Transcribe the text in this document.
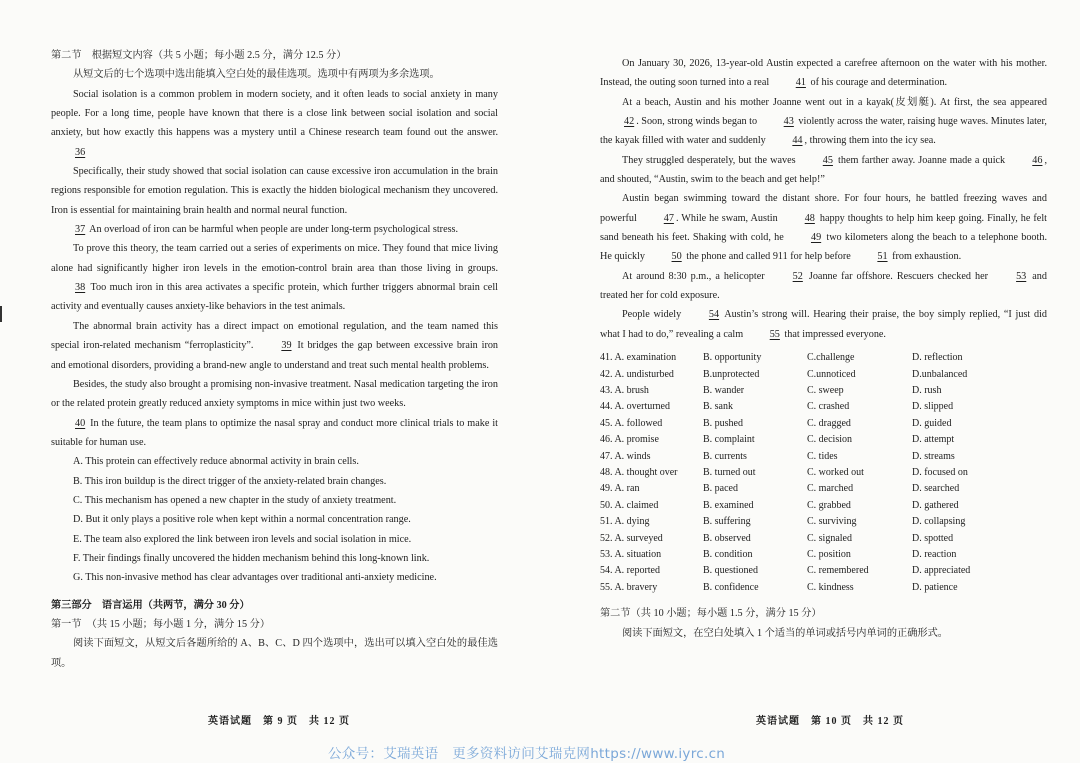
第二节　根据短文内容（共 5 小题；每小题 2.5 分，满分 12.5 分）

从短文后的七个选项中选出能填入空白处的最佳选项。选项中有两项为多余选项。

Social isolation is a common problem in modern society, and it often leads to social anxiety in many people. For a long time, people have known that there is a close link between social isolation and social anxiety, but how exactly this happens was a mystery until a Chinese research team found out the answer. 36

Specifically, their study showed that social isolation can cause excessive iron accumulation in the brain regions responsible for emotion regulation. This is exactly the hidden biological mechanism they uncovered. Iron is essential for maintaining brain health and normal neural function.
37 An overload of iron can be harmful when people are under long-term psychological stress.

To prove this theory, the team carried out a series of experiments on mice. They found that mice living alone had significantly higher iron levels in the emotion-control brain area than those living in groups. 38 Too much iron in this area activates a specific protein, which further triggers abnormal brain cell activity and eventually causes anxiety-like behaviors in the test animals.

The abnormal brain activity has a direct impact on emotional regulation, and the team named this special iron-related mechanism “ferroplasticity”.	39 It bridges the gap between excessive brain iron and emotional disorders, providing a brand-new angle to understand and treat such mental health problems.

Besides, the study also brought a promising non-invasive treatment. Nasal medication targeting the iron or the related protein greatly reduced anxiety symptoms in mice within just two weeks.
40 In the future, the team plans to optimize the nasal spray and conduct more clinical trials to make it suitable for human use.

A. This protein can effectively reduce abnormal activity in brain cells.

B. This iron buildup is the direct trigger of the anxiety-related brain changes.

C. This mechanism has opened a new chapter in the study of anxiety treatment.

D. But it only plays a positive role when kept within a normal concentration range.

E. The team also explored the link between iron levels and social isolation in mice.

F. Their findings finally uncovered the hidden mechanism behind this long-known link.

G. This non-invasive method has clear advantages over traditional anti-anxiety medicine.

第三部分　语言运用（共两节，满分 30 分）

第一节　（共 15 小题；每小题 1 分，满分 15 分）

阅读下面短文，从短文后各题所给的 A、B、C、D 四个选项中，选出可以填入空白处的最佳选项。

英语试题　第 9 页　共 12 页

On January 30, 2026, 13-year-old Austin expected a carefree afternoon on the water with his mother. Instead, the outing soon turned into a real 41 of his courage and determination.

At a beach, Austin and his mother Joanne went out in a kayak(皮划艇). At first, the sea appeared 42 . Soon, strong winds began to 43 violently across the water, raising huge waves. Minutes later, the kayak filled with water and suddenly 44 , throwing them into the icy sea.

They struggled desperately, but the waves 45 them farther away. Joanne made a quick 46 , and shouted, “Austin, swim to the beach and get help!”

Austin began swimming toward the distant shore. For four hours, he battled freezing waves and powerful 47 . While he swam, Austin 48 happy thoughts to help him keep going. Finally, he felt sand beneath his feet. Shaking with cold, he 49 two kilometers along the beach to a telephone booth. He quickly 50 the phone and called 911 for help before 51 from exhaustion.

At around 8:30 p.m., a helicopter 52 Joanne far offshore. Rescuers checked her 53 and treated her for cold exposure.

People widely 54 Austin’s strong will. Hearing their praise, the boy simply replied, “I just did what I had to do,” revealing a calm 55 that impressed everyone.

41. A. examination	B. opportunity	C.challenge	D. reflection
42. A. undisturbed	B.unprotected	C.unnoticed	D.unbalanced
43. A. brush	B. wander	C. sweep	D. rush
44. A. overturned	B. sank	C. crashed	D. slipped
45. A. followed	B. pushed	C. dragged	D. guided
46. A. promise	B. complaint	C. decision	D. attempt
47. A. winds	B. currents	C. tides	D. streams
48. A. thought over	B. turned out	C. worked out	D. focused on
49. A. ran	B. paced	C. marched	D. searched
50. A. claimed	B. examined	C. grabbed	D. gathered
51. A. dying	B. suffering	C. surviving	D. collapsing
52. A. surveyed	B. observed	C. signaled	D. spotted
53. A. situation	B. condition	C. position	D. reaction
54. A. reported	B. questioned	C. remembered	D. appreciated
55. A. bravery	B. confidence	C. kindness	D. patience

第二节（共 10 小题；每小题 1.5 分，满分 15 分）

阅读下面短文，在空白处填入 1 个适当的单词或括号内单词的正确形式。

英语试题　第 10 页　共 12 页
公众号：艾瑞英语　更多资料访问艾瑞克网https://www.iyrc.cn
